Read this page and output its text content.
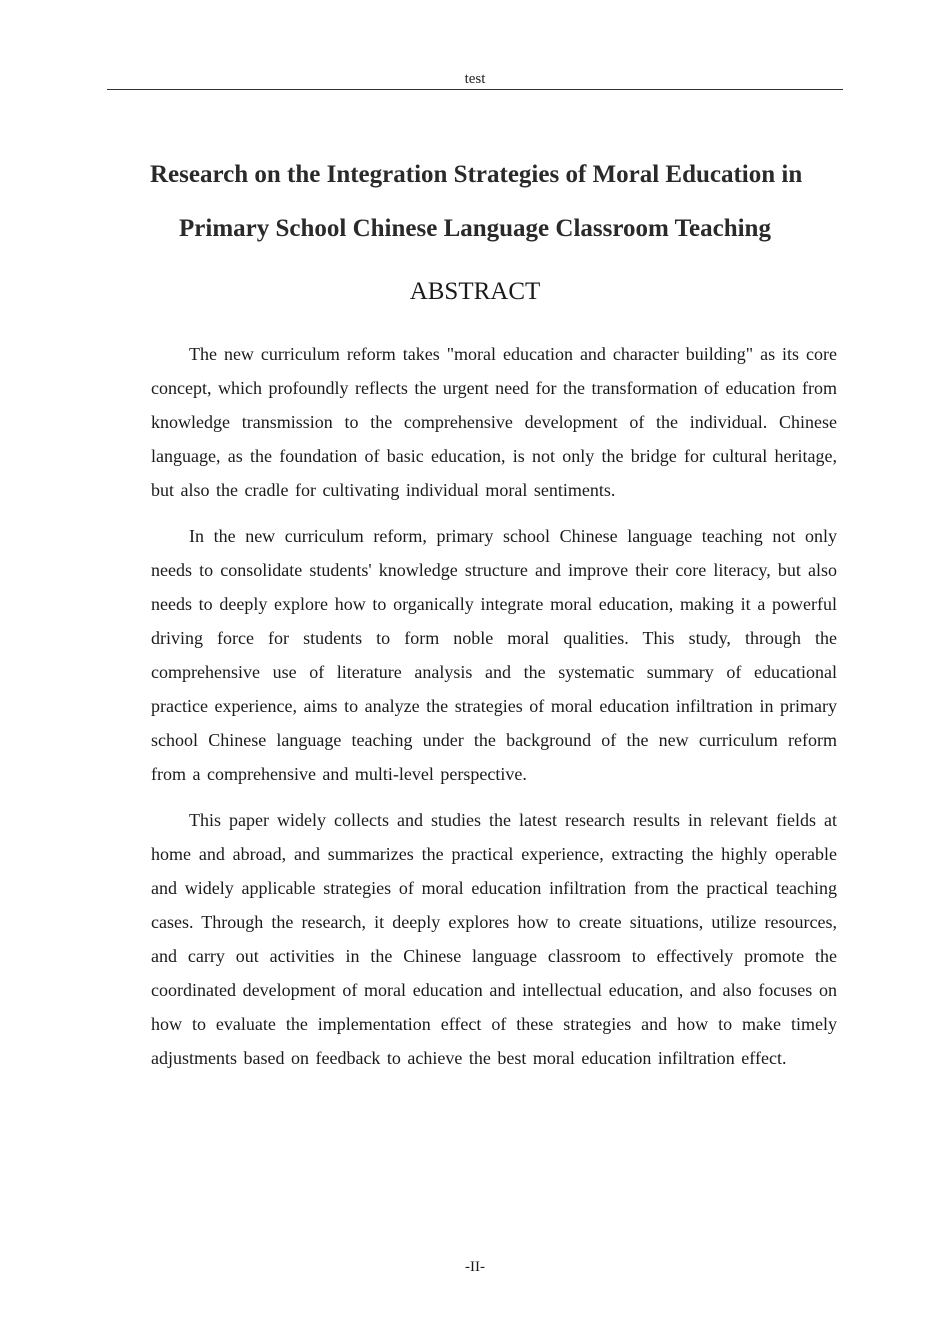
test
Research on the Integration Strategies of Moral Education in
Primary School Chinese Language Classroom Teaching
ABSTRACT

The new curriculum reform takes "moral education and character building" as its core concept, which profoundly reflects the urgent need for the transformation of education from knowledge transmission to the comprehensive development of the individual. Chinese language, as the foundation of basic education, is not only the bridge for cultural heritage, but also the cradle for cultivating individual moral sentiments.

In the new curriculum reform, primary school Chinese language teaching not only needs to consolidate students' knowledge structure and improve their core literacy, but also needs to deeply explore how to organically integrate moral education, making it a powerful driving force for students to form noble moral qualities. This study, through the comprehensive use of literature analysis and the systematic summary of educational practice experience, aims to analyze the strategies of moral education infiltration in primary school Chinese language teaching under the background of the new curriculum reform from a comprehensive and multi-level perspective.

This paper widely collects and studies the latest research results in relevant fields at home and abroad, and summarizes the practical experience, extracting the highly operable and widely applicable strategies of moral education infiltration from the practical teaching cases. Through the research, it deeply explores how to create situations, utilize resources, and carry out activities in the Chinese language classroom to effectively promote the coordinated development of moral education and intellectual education, and also focuses on how to evaluate the implementation effect of these strategies and how to make timely adjustments based on feedback to achieve the best moral education infiltration effect.

-II-
